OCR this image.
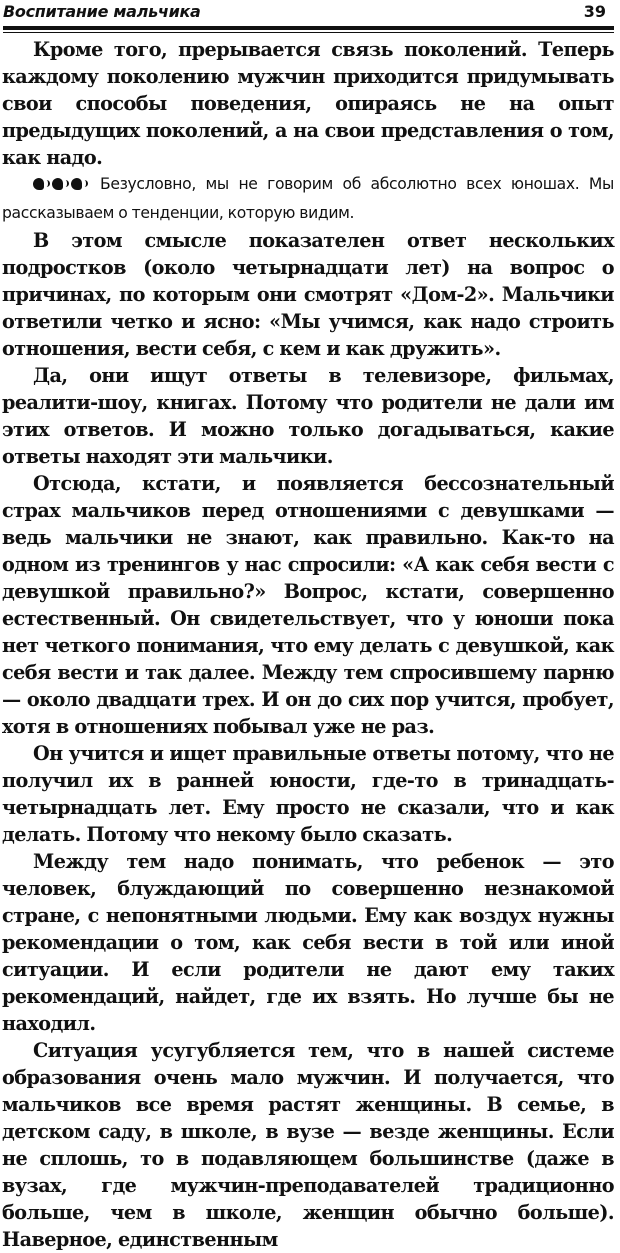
Воспитание мальчика	39

Кроме того, прерывается связь поколений. Теперь каждому поколению мужчин приходится придумывать свои способы поведения, опираясь не на опыт предыдущих поколений, а на свои представления о том, как надо.

Безусловно, мы не говорим об абсолютно всех юношах. Мы рассказываем о тенденции, которую видим.

В этом смысле показателен ответ нескольких подростков (около четырнадцати лет) на вопрос о причинах, по которым они смотрят «Дом-2». Мальчики ответили четко и ясно: «Мы учимся, как надо строить отношения, вести себя, с кем и как дружить».

Да, они ищут ответы в телевизоре, фильмах, реалити-шоу, книгах. Потому что родители не дали им этих ответов. И можно только догадываться, какие ответы находят эти мальчики.

Отсюда, кстати, и появляется бессознательный страх мальчиков перед отношениями с девушками — ведь мальчики не знают, как правильно. Как-то на одном из тренингов у нас спросили: «А как себя вести с девушкой правильно?» Вопрос, кстати, совершенно естественный. Он свидетельствует, что у юноши пока нет четкого понимания, что ему делать с девушкой, как себя вести и так далее. Между тем спросившему парню — около двадцати трех. И он до сих пор учится, пробует, хотя в отношениях побывал уже не раз.

Он учится и ищет правильные ответы потому, что не получил их в ранней юности, где-то в тринадцать-четырнадцать лет. Ему просто не сказали, что и как делать. Потому что некому было сказать.

Между тем надо понимать, что ребенок — это человек, блуждающий по совершенно незнакомой стране, с непонятными людьми. Ему как воздух нужны рекомендации о том, как себя вести в той или иной ситуации. И если родители не дают ему таких рекомендаций, найдет, где их взять. Но лучше бы не находил.

Ситуация усугубляется тем, что в нашей системе образования очень мало мужчин. И получается, что мальчиков все время растят женщины. В семье, в детском саду, в школе, в вузе — везде женщины. Если не сплошь, то в подавляющем большинстве (даже в вузах, где мужчин-преподавателей традиционно больше, чем в школе, женщин обычно больше). Наверное, единственным
